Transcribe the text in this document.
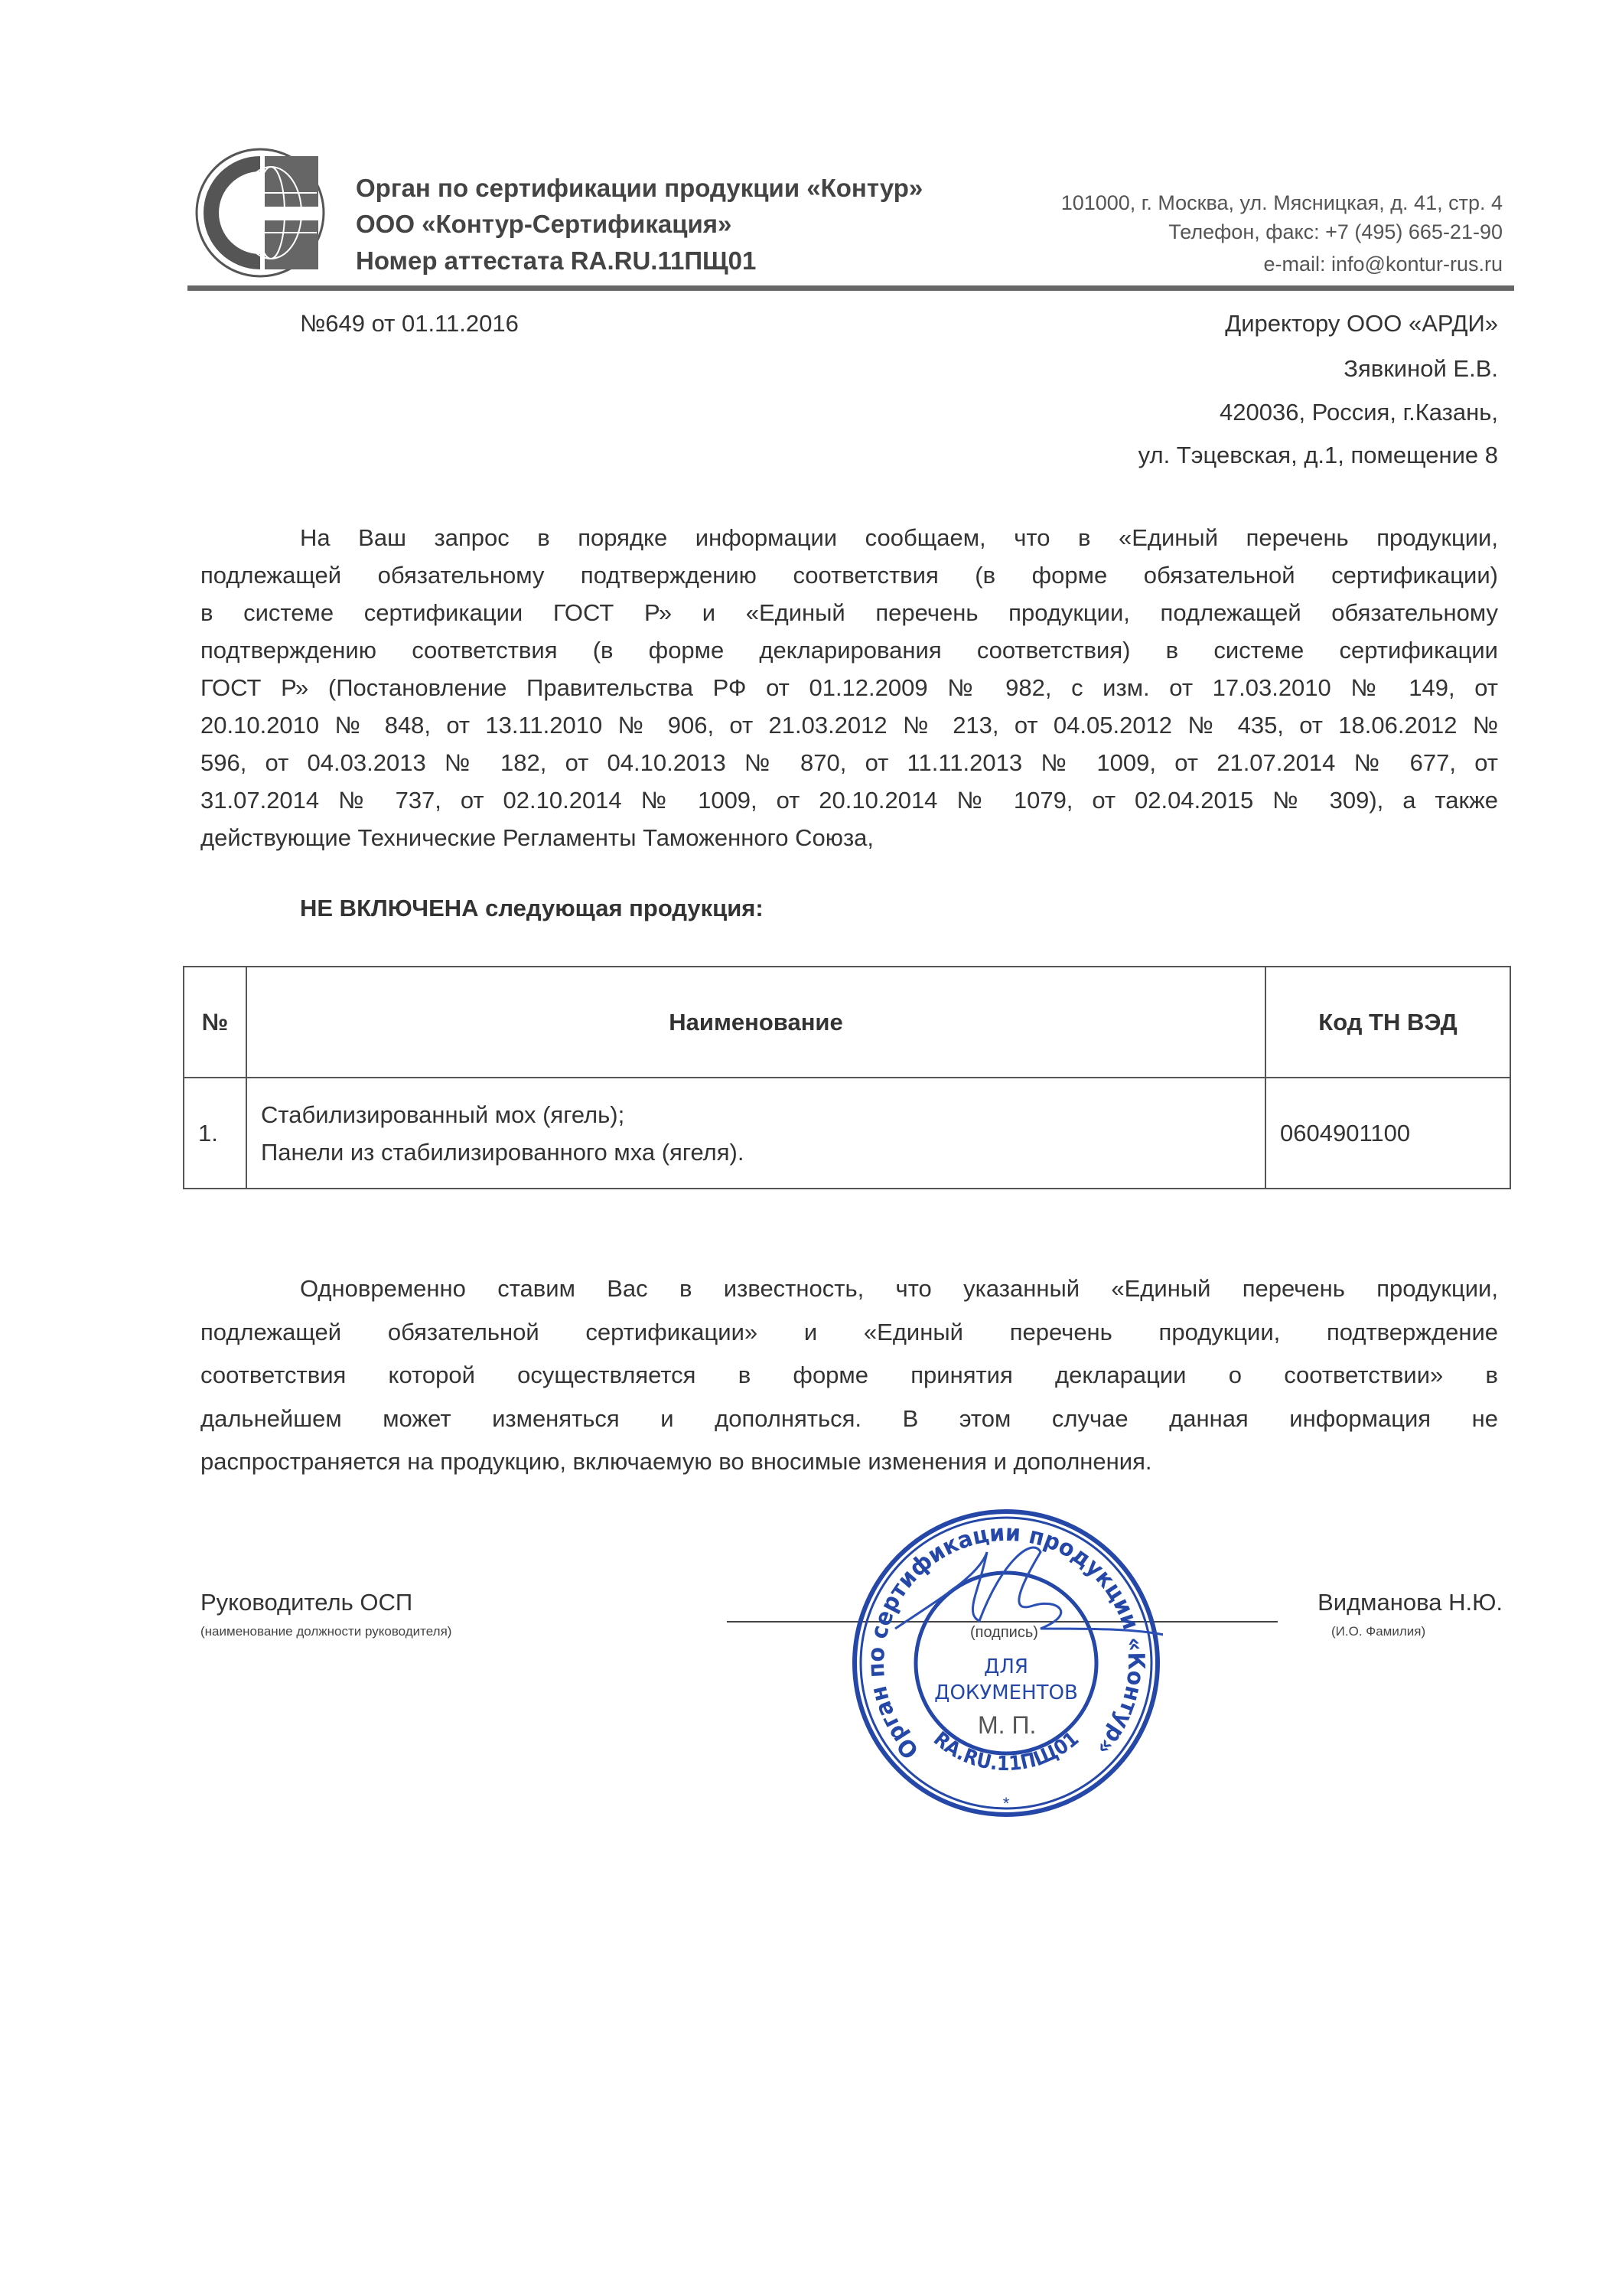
Орган по сертификации продукции «Контур»
ООО «Контур-Сертификация»
Номер аттестата RA.RU.11ПЩ01
101000, г. Москва, ул. Мясницкая, д. 41, стр. 4
Телефон, факс: +7 (495) 665-21-90
e-mail: info@kontur-rus.ru
№649 от 01.11.2016	Директору ООО «АРДИ»
Зявкиной Е.В.
420036, Россия, г.Казань,
ул. Тэцевская, д.1, помещение 8

На Ваш запрос в порядке информации сообщаем, что в «Единый перечень продукции,
подлежащей обязательному подтверждению соответствия (в форме обязательной сертификации)
в системе сертификации ГОСТ Р» и «Единый перечень продукции, подлежащей обязательному
подтверждению соответствия (в форме декларирования соответствия) в системе сертификации
ГОСТ Р» (Постановление Правительства РФ от 01.12.2009 № 982, с изм. от 17.03.2010 № 149, от
20.10.2010 № 848, от 13.11.2010 № 906, от 21.03.2012 № 213, от 04.05.2012 № 435, от 18.06.2012 №
596, от 04.03.2013 № 182, от 04.10.2013 № 870, от 11.11.2013 № 1009, от 21.07.2014 № 677, от
31.07.2014 № 737, от 02.10.2014 № 1009, от 20.10.2014 № 1079, от 02.04.2015 № 309), а также
действующие Технические Регламенты Таможенного Союза,

НЕ ВКЛЮЧЕНА следующая продукция:
№	Наименование	Код ТН ВЭД
1.	Стабилизированный мох (ягель);
Панели из стабилизированного мха (ягеля).	0604901100

Одновременно ставим Вас в известность, что указанный «Единый перечень продукции,
подлежащей обязательной сертификации» и «Единый перечень продукции, подтверждение
соответствия которой осуществляется в форме принятия декларации о соответствии» в
дальнейшем может изменяться и дополняться. В этом случае данная информация не
распространяется на продукцию, включаемую во вносимые изменения и дополнения.

Руководитель ОСП
(наименование должности руководителя)
Видманова Н.Ю.
(И.О. Фамилия)
Орган по сертификации продукции «Контур»
RA.RU.11ПЩ01
*
ДЛЯ
ДОКУМЕНТОВ
(подпись)
М. П.
